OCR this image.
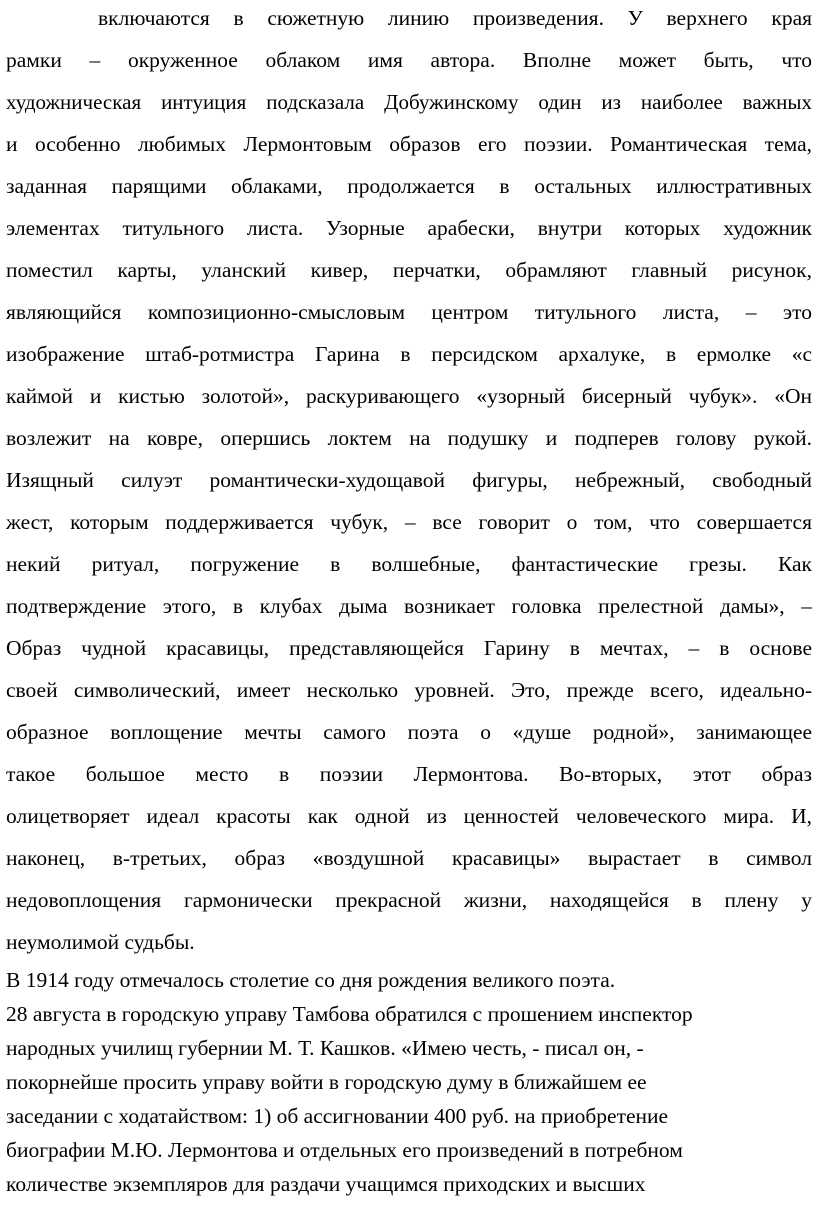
включаются в сюжетную линию произведения. У верхнего края
рамки – окруженное облаком имя автора. Вполне может быть, что
художническая интуиция подсказала Добужинскому один из наиболее важных
и особенно любимых Лермонтовым образов его поэзии. Романтическая тема,
заданная парящими облаками, продолжается в остальных иллюстративных
элементах титульного листа. Узорные арабески, внутри которых художник
поместил карты, уланский кивер, перчатки, обрамляют главный рисунок,
являющийся композиционно-смысловым центром титульного листа, – это
изображение штаб-ротмистра Гарина в персидском архалуке, в ермолке «с
каймой и кистью золотой», раскуривающего «узорный бисерный чубук». «Он
возлежит на ковре, опершись локтем на подушку и подперев голову рукой.
Изящный силуэт романтически-худощавой фигуры, небрежный, свободный
жест, которым поддерживается чубук, – все говорит о том, что совершается
некий ритуал, погружение в волшебные, фантастические грезы. Как
подтверждение этого, в клубах дыма возникает головка прелестной дамы», –
Образ чудной красавицы, представляющейся Гарину в мечтах, – в основе
своей символический, имеет несколько уровней. Это, прежде всего, идеально-
образное воплощение мечты самого поэта о «душе родной», занимающее
такое большое место в поэзии Лермонтова. Во-вторых, этот образ
олицетворяет идеал красоты как одной из ценностей человеческого мира. И,
наконец, в-третьих, образ «воздушной красавицы» вырастает в символ
недовоплощения гармонически прекрасной жизни, находящейся в плену у
неумолимой судьбы.
В 1914 году отмечалось столетие со дня рождения великого поэта.
28 августа в городскую управу Тамбова обратился с прошением инспектор
народных училищ губернии М. Т. Кашков. «Имею честь, - писал он, -
покорнейше просить управу войти в городскую думу в ближайшем ее
заседании с ходатайством: 1) об ассигновании 400 руб. на приобретение
биографии М.Ю. Лермонтова и отдельных его произведений в потребном
количестве экземпляров для раздачи учащимся приходских и высших
